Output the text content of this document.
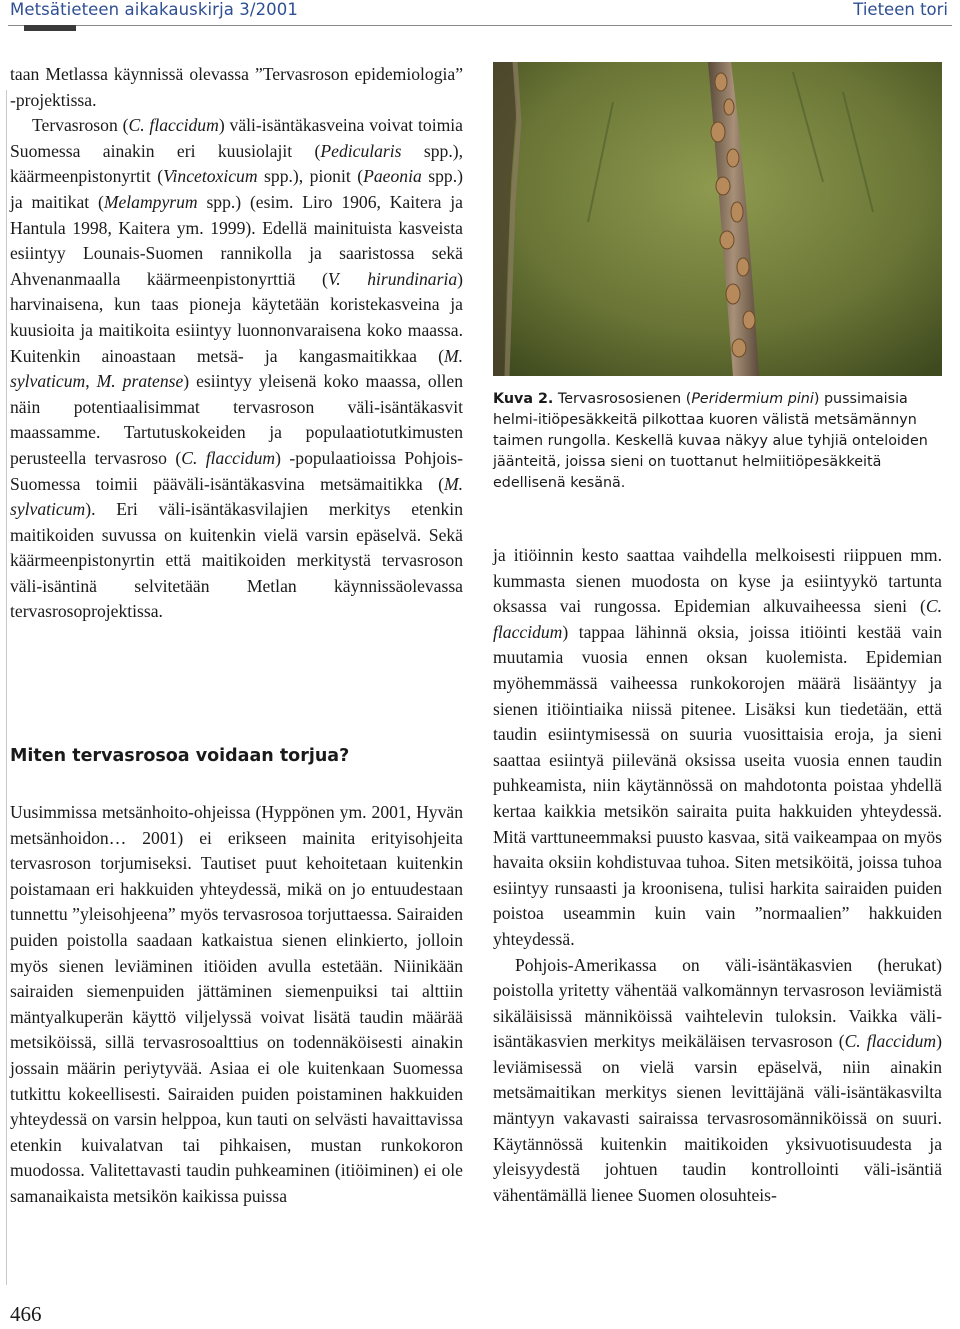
Metsätieteen aikakauskirja 3/2001	Tieteen tori

taan Metlassa käynnissä olevassa ”Tervasroson epidemiologia” -projektissa.

Tervasroson (C. flaccidum) väli-isäntäkasveina voivat toimia Suomessa ainakin eri kuusiolajit (Pedicularis spp.), käärmeenpistonyrtit (Vincetoxicum spp.), pionit (Paeonia spp.) ja maitikat (Melampyrum spp.) (esim. Liro 1906, Kaitera ja Hantula 1998, Kaitera ym. 1999). Edellä mainituista kasveista esiintyy Lounais-Suomen rannikolla ja saaristossa sekä Ahvenanmaalla käärmeenpistonyrttiä (V. hirundinaria) harvinaisena, kun taas pioneja käytetään koristekasveina ja kuusioita ja maitikoita esiintyy luonnonvaraisena koko maassa. Kuitenkin ainoastaan metsä- ja kangasmaitikkaa (M. sylvaticum, M. pratense) esiintyy yleisenä koko maassa, ollen näin potentiaalisimmat tervasroson väli-isäntäkasvit maassamme. Tartutuskokeiden ja populaatiotutkimusten perusteella tervasroso (C. flaccidum) -populaatioissa Pohjois-Suomessa toimii pääväli-isäntäkasvina metsämaitikka (M. sylvaticum). Eri väli-isäntäkasvilajien merkitys etenkin maitikoiden suvussa on kuitenkin vielä varsin epäselvä. Sekä käärmeenpistonyrtin että maitikoiden merkitystä tervasroson väli-isäntinä selvitetään Metlan käynnissäolevassa tervasrosoprojektissa.

Miten tervasrosoa voidaan torjua?

Uusimmissa metsänhoito-ohjeissa (Hyppönen ym. 2001, Hyvän metsänhoidon… 2001) ei erikseen mainita erityisohjeita tervasroson torjumiseksi. Tautiset puut kehoitetaan kuitenkin poistamaan eri hakkuiden yhteydessä, mikä on jo entuudestaan tunnettu ”yleisohjeena” myös tervasrosoa torjuttaessa. Sairaiden puiden poistolla saadaan katkaistua sienen elinkierto, jolloin myös sienen leviäminen itiöiden avulla estetään. Niinikään sairaiden siemenpuiden jättäminen siemenpuiksi tai alttiin mäntyalkuperän käyttö viljelyssä voivat lisätä taudin määrää metsiköissä, sillä tervasrosoalttius on todennäköisesti ainakin jossain määrin periytyvää. Asiaa ei ole kuitenkaan Suomessa tutkittu kokeellisesti. Sairaiden puiden poistaminen hakkuiden yhteydessä on varsin helppoa, kun tauti on selvästi havaittavissa etenkin kuivalatvan tai pihkaisen, mustan runkokoron muodossa. Valitettavasti taudin puhkeaminen (itiöiminen) ei ole samanaikaista metsikön kaikissa puissa

Kuva 2. Tervasrososienen (Peridermium pini) pussimaisia helmi-itiöpesäkkeitä pilkottaa kuoren välistä metsämännyn taimen rungolla. Keskellä kuvaa näkyy alue tyhjiä onteloiden jäänteitä, joissa sieni on tuottanut helmiitiöpesäkkeitä edellisenä kesänä.

ja itiöinnin kesto saattaa vaihdella melkoisesti riippuen mm. kummasta sienen muodosta on kyse ja esiintyykö tartunta oksassa vai rungossa. Epidemian alkuvaiheessa sieni (C. flaccidum) tappaa lähinnä oksia, joissa itiöinti kestää vain muutamia vuosia ennen oksan kuolemista. Epidemian myöhemmässä vaiheessa runkokorojen määrä lisääntyy ja sienen itiöintiaika niissä pitenee. Lisäksi kun tiedetään, että taudin esiintymisessä on suuria vuosittaisia eroja, ja sieni saattaa esiintyä piilevänä oksissa useita vuosia ennen taudin puhkeamista, niin käytännössä on mahdotonta poistaa yhdellä kertaa kaikkia metsikön sairaita puita hakkuiden yhteydessä. Mitä varttuneemmaksi puusto kasvaa, sitä vaikeampaa on myös havaita oksiin kohdistuvaa tuhoa. Siten metsiköitä, joissa tuhoa esiintyy runsaasti ja kroonisena, tulisi harkita sairaiden puiden poistoa useammin kuin vain ”normaalien” hakkuiden yhteydessä.

Pohjois-Amerikassa on väli-isäntäkasvien (herukat) poistolla yritetty vähentää valkomännyn tervasroson leviämistä sikäläisissä männiköissä vaihtelevin tuloksin. Vaikka väli-isäntäkasvien merkitys meikäläisen tervasroson (C. flaccidum) leviämisessä on vielä varsin epäselvä, niin ainakin metsämaitikan merkitys sienen levittäjänä väli-isäntäkasvilta mäntyyn vakavasti sairaissa tervasrosomänniköissä on suuri. Käytännössä kuitenkin maitikoiden yksivuotisuudesta ja yleisyydestä johtuen taudin kontrollointi väli-isäntiä vähentämällä lienee Suomen olosuhteis-

466
